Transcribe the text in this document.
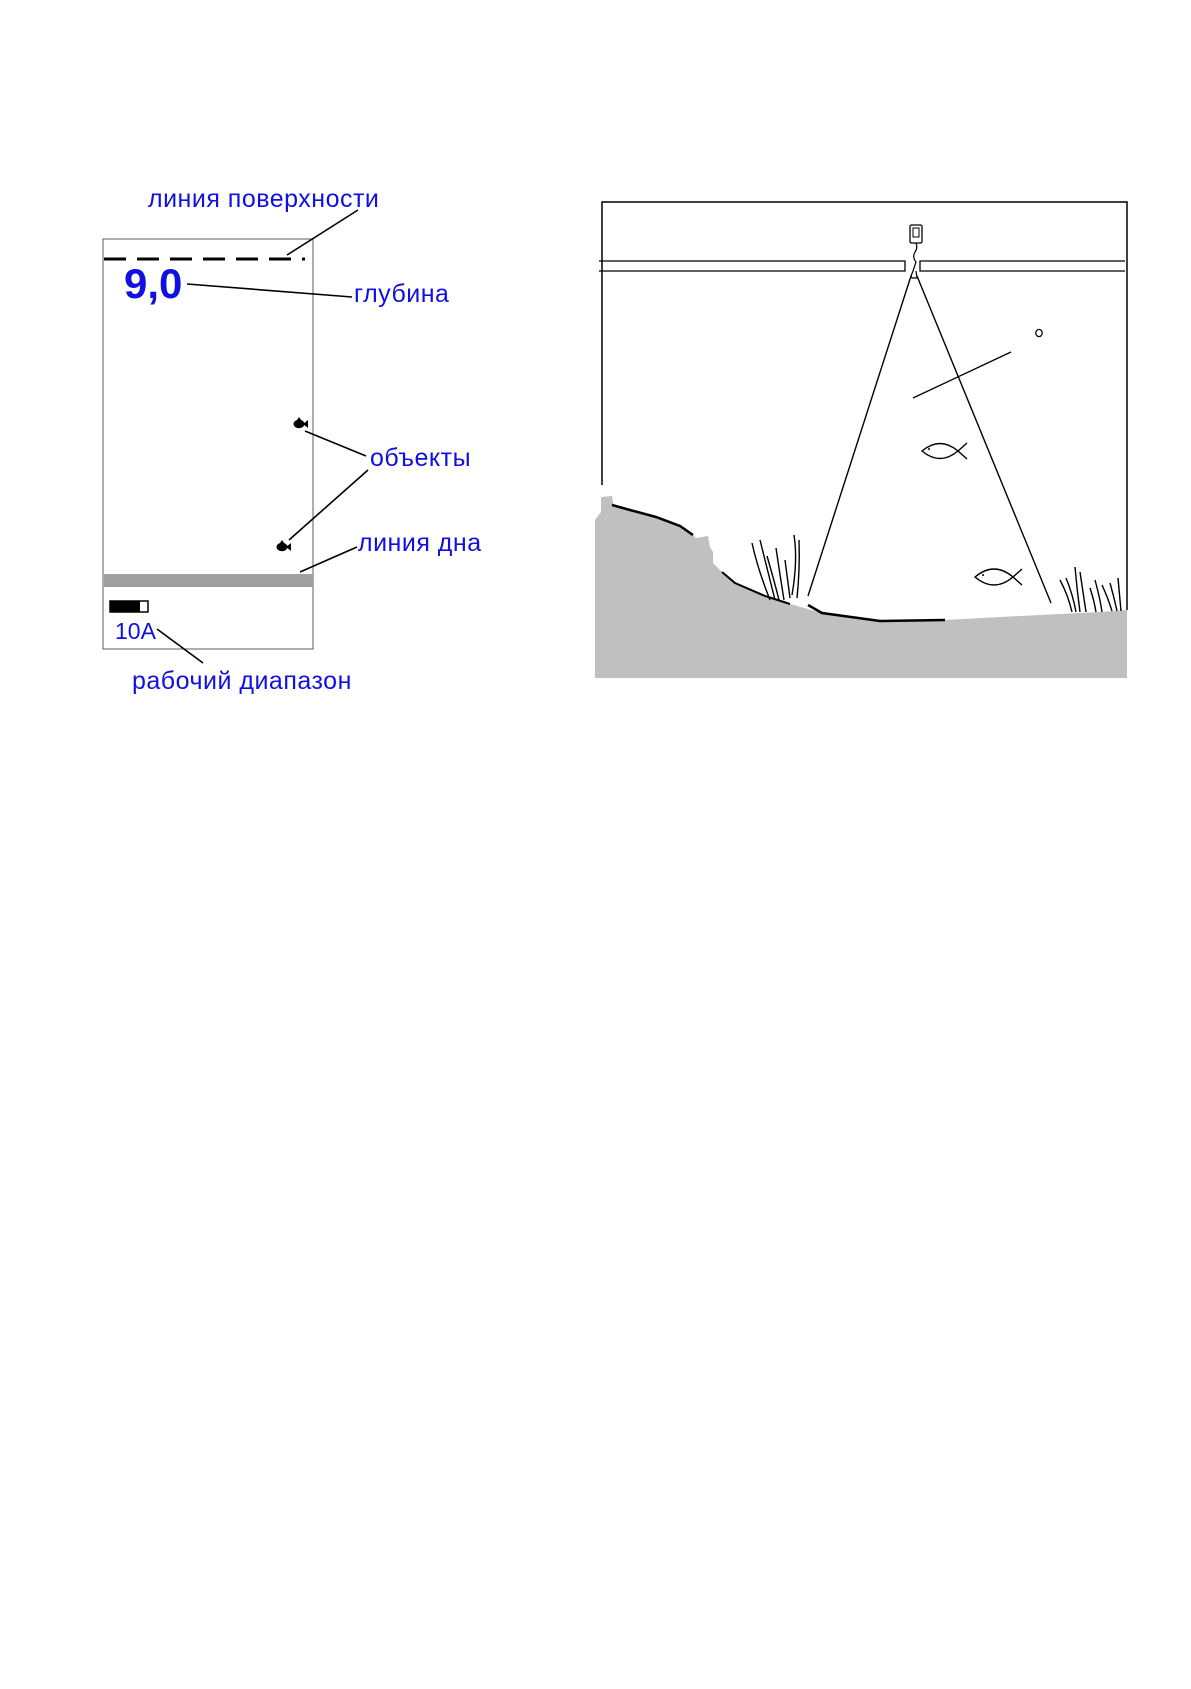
9,0
10A
линия поверхности
глубина
объекты
линия дна
рабочий диапазон
